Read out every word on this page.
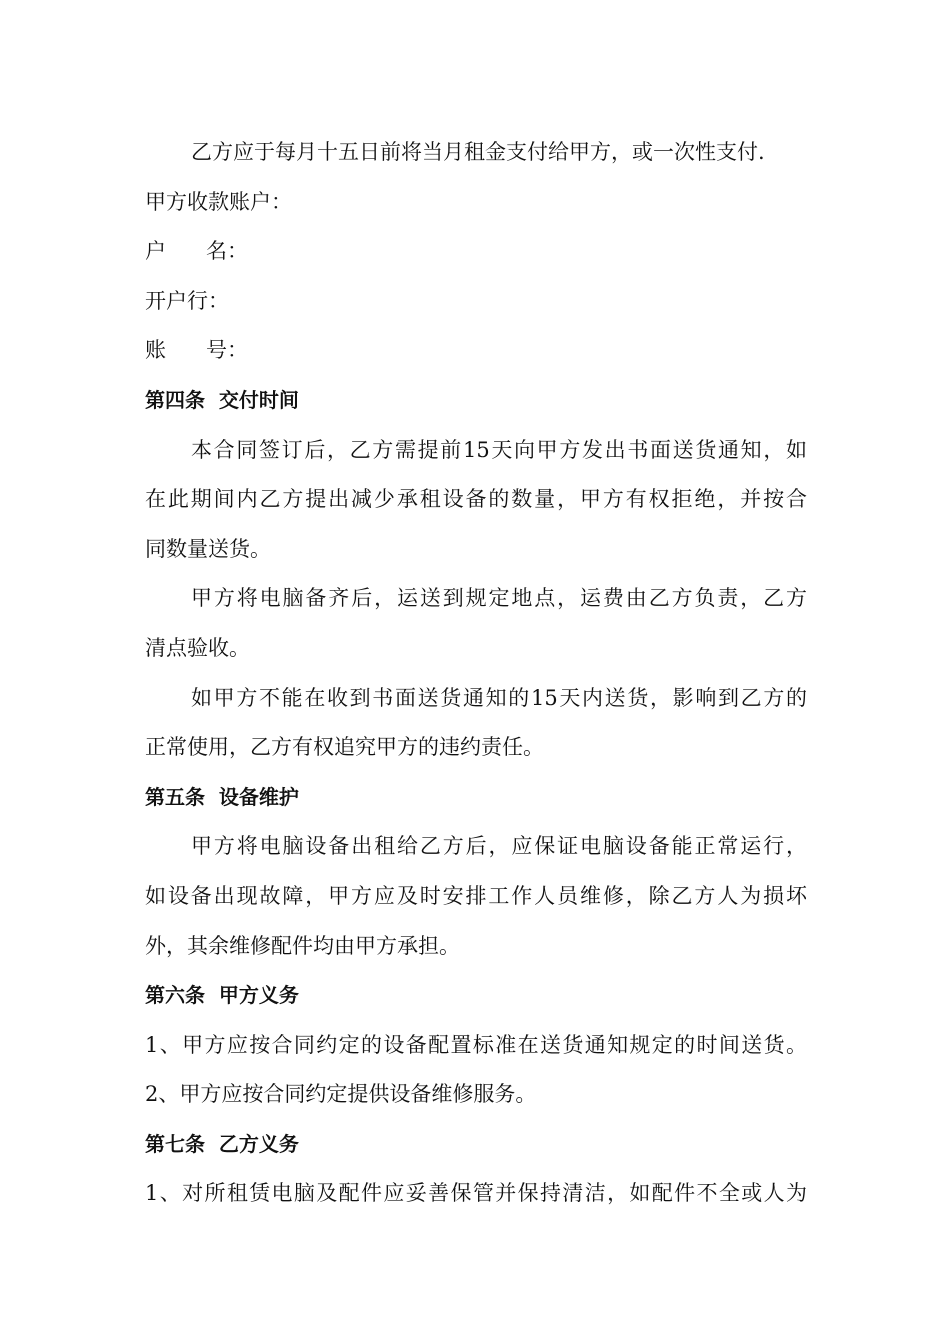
乙方应于每月十五日前将当月租金支付给甲方，或一次性支付.
甲方收款账户：
户      名：
开户行：
账      号：
第四条  交付时间
本合同签订后，乙方需提前15天向甲方发出书面送货通知，如
在此期间内乙方提出减少承租设备的数量，甲方有权拒绝，并按合
同数量送货。
甲方将电脑备齐后，运送到规定地点，运费由乙方负责，乙方
清点验收。
如甲方不能在收到书面送货通知的15天内送货，影响到乙方的
正常使用，乙方有权追究甲方的违约责任。
第五条  设备维护
甲方将电脑设备出租给乙方后，应保证电脑设备能正常运行，
如设备出现故障，甲方应及时安排工作人员维修，除乙方人为损坏
外，其余维修配件均由甲方承担。
第六条  甲方义务
1、甲方应按合同约定的设备配置标准在送货通知规定的时间送货。
2、甲方应按合同约定提供设备维修服务。
第七条  乙方义务
1、对所租赁电脑及配件应妥善保管并保持清洁，如配件不全或人为
